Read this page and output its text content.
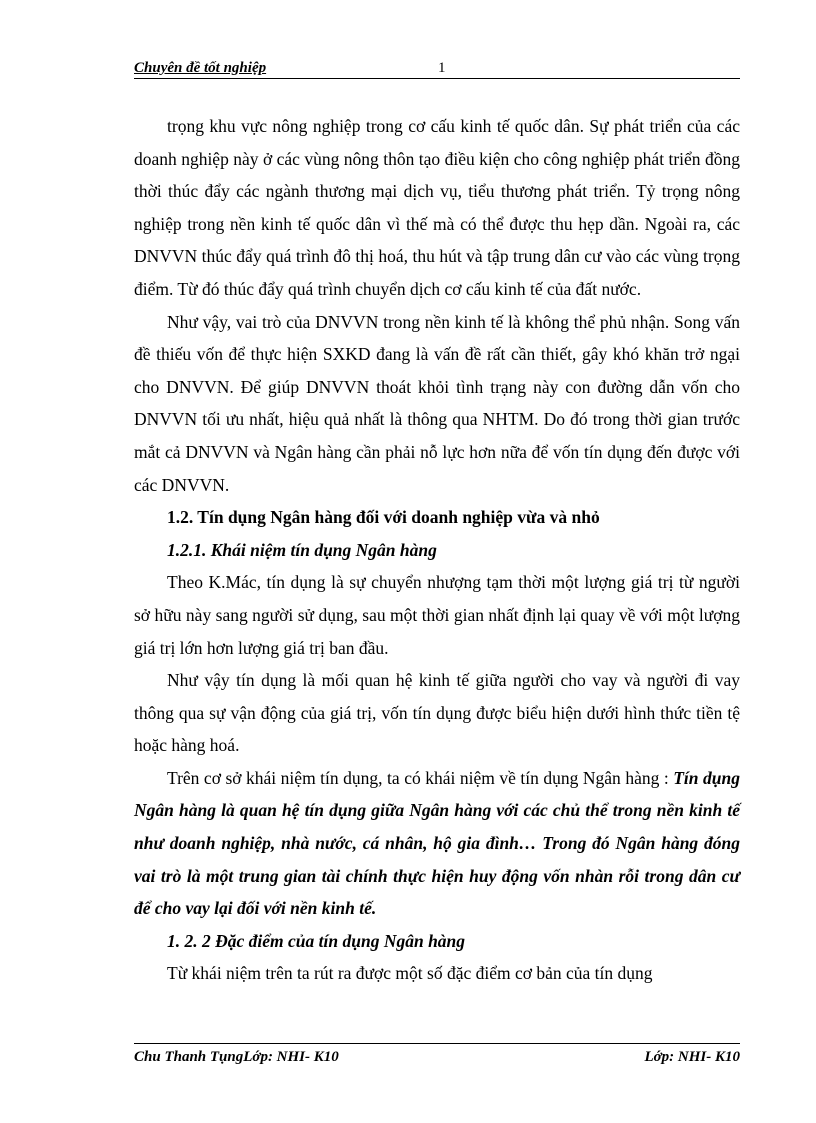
Chuyên đề tốt nghiệp	1

trọng khu vực nông nghiệp trong cơ cấu kinh tế quốc dân. Sự phát triển của các doanh nghiệp này ở các vùng nông thôn tạo điều kiện cho công nghiệp phát triển đồng thời thúc đẩy các ngành thương mại dịch vụ, tiểu thương phát triển. Tỷ trọng nông nghiệp trong nền kinh tế quốc dân vì thế mà có thể được thu hẹp dần. Ngoài ra, các DNVVN thúc đẩy quá trình đô thị hoá, thu hút và tập trung dân cư vào các vùng trọng điểm. Từ đó thúc đẩy quá trình chuyển dịch cơ cấu kinh tế của đất nước.

Như vậy, vai trò của DNVVN trong nền kinh tế là không thể phủ nhận. Song vấn đề thiếu vốn để thực hiện SXKD đang là vấn đề rất cần thiết, gây khó khăn trở ngại cho DNVVN. Để giúp DNVVN thoát khỏi tình trạng này con đường dẫn vốn cho DNVVN tối ưu nhất, hiệu quả nhất là thông qua NHTM. Do đó trong thời gian trước mắt cả DNVVN và Ngân hàng cần phải nỗ lực hơn nữa để vốn tín dụng đến được với các DNVVN.

1.2. Tín dụng Ngân hàng đối với doanh nghiệp vừa và nhỏ

1.2.1. Khái niệm tín dụng Ngân hàng

Theo K.Mác, tín dụng là sự chuyển nhượng tạm thời một lượng giá trị từ người sở hữu này sang người sử dụng, sau một thời gian nhất định lại quay về với một lượng giá trị lớn hơn lượng giá trị ban đầu.

Như vậy tín dụng là mối quan hệ kinh tế giữa người cho vay và người đi vay thông qua sự vận động của giá trị, vốn tín dụng được biểu hiện dưới hình thức tiền tệ hoặc hàng hoá.

Trên cơ sở khái niệm tín dụng, ta có khái niệm về tín dụng Ngân hàng : Tín dụng Ngân hàng là quan hệ tín dụng giữa Ngân hàng với các chủ thể trong nền kinh tế như doanh nghiệp, nhà nước, cá nhân, hộ gia đình… Trong đó Ngân hàng đóng vai trò là một trung gian tài chính thực hiện huy động vốn nhàn rỗi trong dân cư để cho vay lại đối với nền kinh tế.

1. 2. 2 Đặc điểm của tín dụng Ngân hàng

Từ khái niệm trên ta rút ra được một số đặc điểm cơ bản của tín dụng

Chu Thanh TụngLớp: NHI- K10	Lớp: NHI- K10
